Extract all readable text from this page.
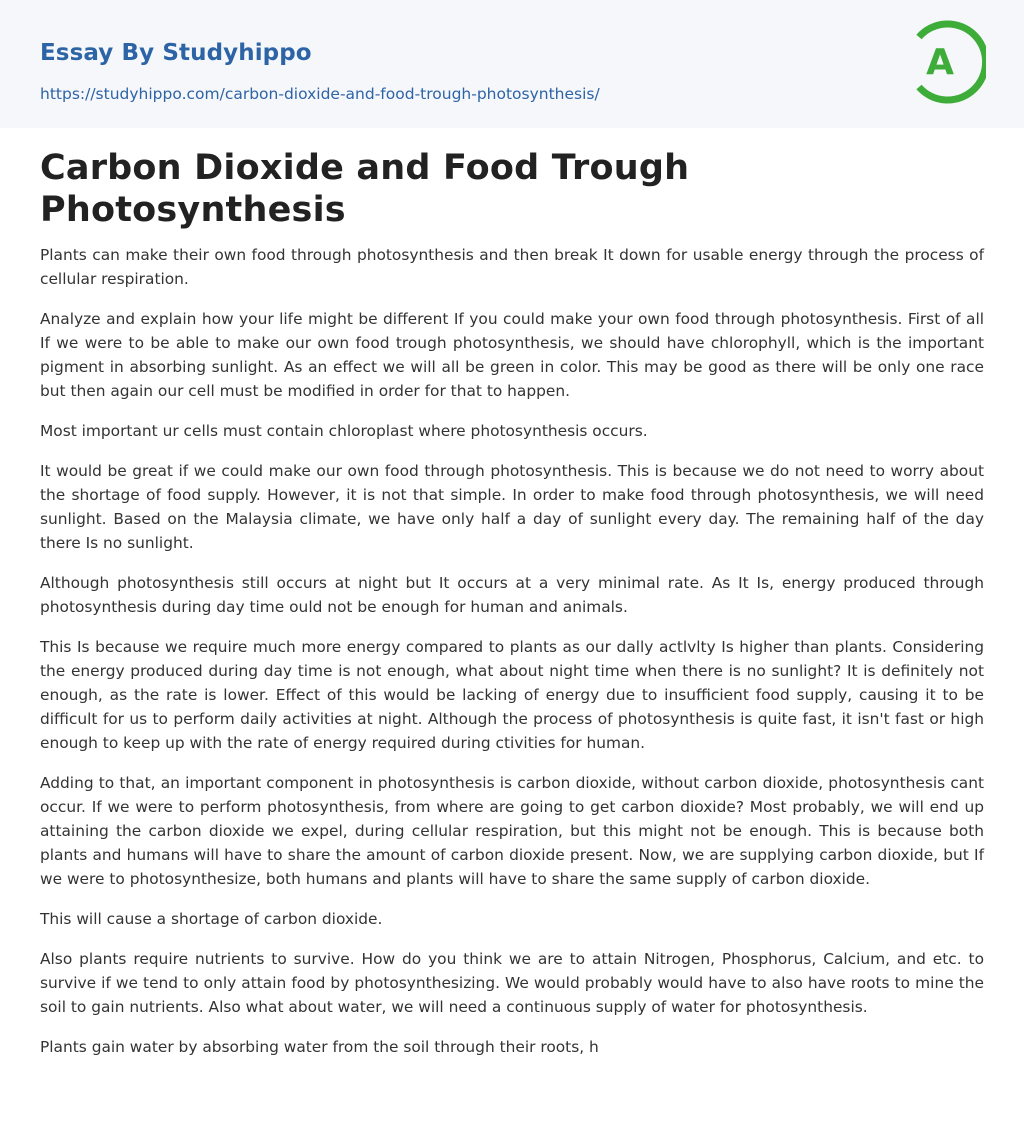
Essay By Studyhippo
https://studyhippo.com/carbon-dioxide-and-food-trough-photosynthesis/
A
Carbon Dioxide and Food Trough Photosynthesis

Plants can make their own food through photosynthesis and then break It down for usable energy through the process of cellular respiration.

Analyze and explain how your life might be different If you could make your own food through photosynthesis. First of all If we were to be able to make our own food trough photosynthesis, we should have chlorophyll, which is the important pigment in absorbing sunlight. As an effect we will all be green in color. This may be good as there will be only one race but then again our cell must be modified in order for that to happen.

Most important ur cells must contain chloroplast where photosynthesis occurs.

It would be great if we could make our own food through photosynthesis. This is because we do not need to worry about the shortage of food supply. However, it is not that simple. In order to make food through photosynthesis, we will need sunlight. Based on the Malaysia climate, we have only half a day of sunlight every day. The remaining half of the day there Is no sunlight.

Although photosynthesis still occurs at night but It occurs at a very minimal rate. As It Is, energy produced through photosynthesis during day time ould not be enough for human and animals.

This Is because we require much more energy compared to plants as our dally actlvlty Is higher than plants. Considering the energy produced during day time is not enough, what about night time when there is no sunlight? It is definitely not enough, as the rate is lower. Effect of this would be lacking of energy due to insufficient food supply, causing it to be difficult for us to perform daily activities at night. Although the process of photosynthesis is quite fast, it isn't fast or high enough to keep up with the rate of energy required during ctivities for human.

Adding to that, an important component in photosynthesis is carbon dioxide, without carbon dioxide, photosynthesis cant occur. If we were to perform photosynthesis, from where are going to get carbon dioxide? Most probably, we will end up attaining the carbon dioxide we expel, during cellular respiration, but this might not be enough. This is because both plants and humans will have to share the amount of carbon dioxide present. Now, we are supplying carbon dioxide, but If we were to photosynthesize, both humans and plants will have to share the same supply of carbon dioxide.

This will cause a shortage of carbon dioxide.

Also plants require nutrients to survive. How do you think we are to attain Nitrogen, Phosphorus, Calcium, and etc. to survive if we tend to only attain food by photosynthesizing. We would probably would have to also have roots to mine the soil to gain nutrients. Also what about water, we will need a continuous supply of water for photosynthesis.

Plants gain water by absorbing water from the soil through their roots, h
